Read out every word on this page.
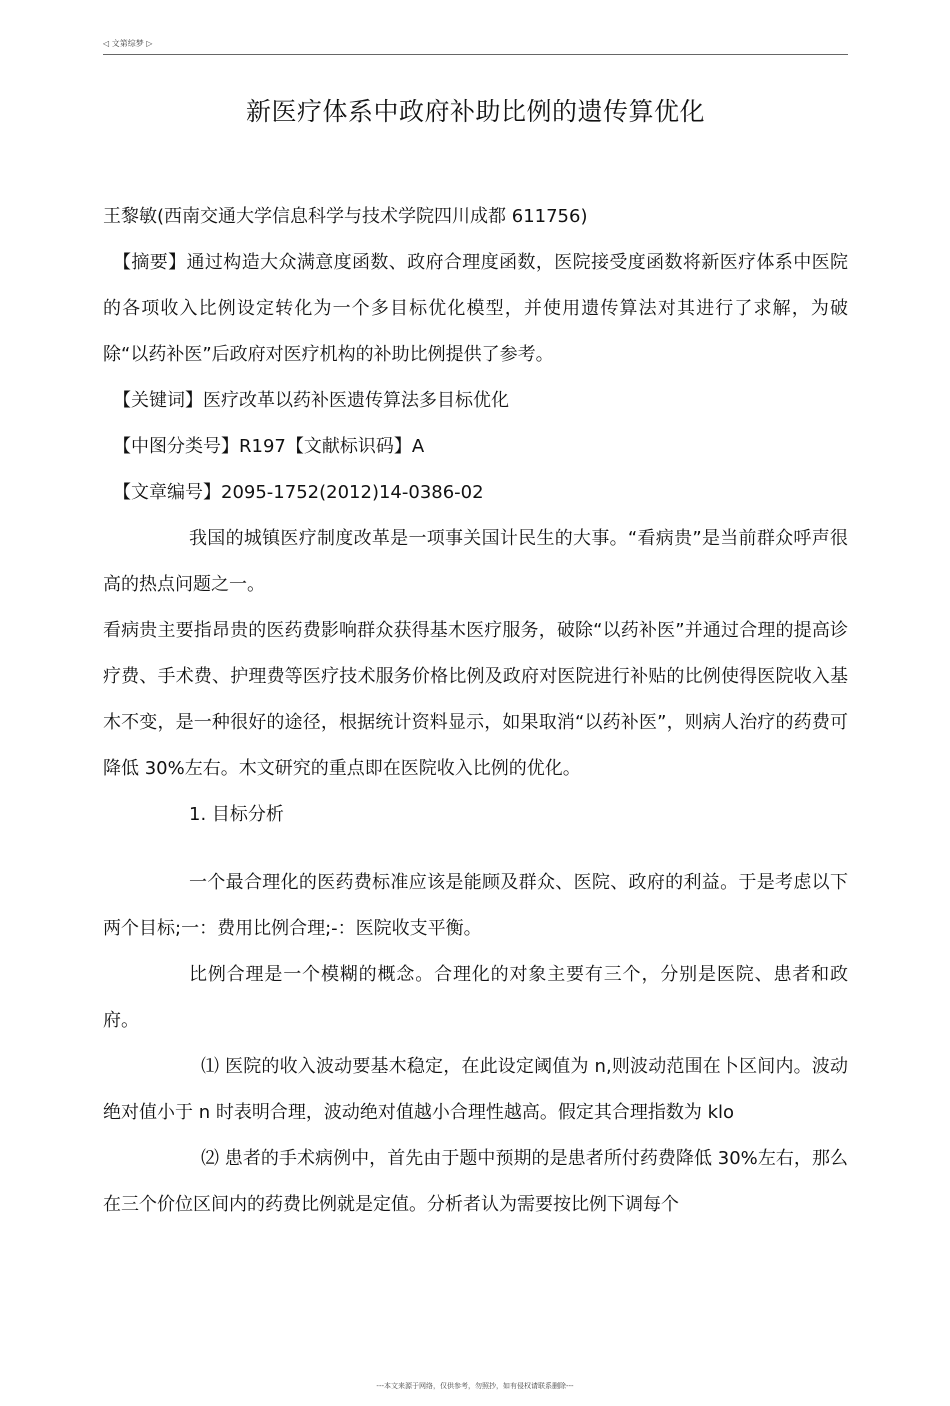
◁ 文第综梦 ▷
新医疗体系中政府补助比例的遗传算优化

王黎敏(西南交通大学信息科学与技术学院四川成都 611756)

【摘要】通过构造大众满意度函数、政府合理度函数，医院接受度函数将新医疗体系中医院的各项收入比例设定转化为一个多目标优化模型，并使用遗传算法对其进行了求解，为破除“以药补医”后政府对医疗机构的补助比例提供了参考。

【关键词】医疗改革以药补医遗传算法多目标优化

【中图分类号】R197【文献标识码】A

【文章编号】2095-1752(2012)14-0386-02

我国的城镇医疗制度改革是一项事关国计民生的大事。“看病贵”是当前群众呼声很高的热点问题之一。

看病贵主要指昂贵的医药费影响群众获得基木医疗服务，破除“以药补医”并通过合理的提高诊疗费、手术费、护理费等医疗技术服务价格比例及政府对医院进行补贴的比例使得医院收入基木不变，是一种很好的途径，根据统计资料显示，如果取消“以药补医”，则病人治疗的药费可降低 30%左右。木文研究的重点即在医院收入比例的优化。

1. 目标分析

一个最合理化的医药费标准应该是能顾及群众、医院、政府的利益。于是考虑以下两个目标;一：费用比例合理;-：医院收支平衡。

比例合理是一个模糊的概念。合理化的对象主要有三个，分别是医院、患者和政府。

⑴ 医院的收入波动要基木稳定，在此设定阈值为 n,则波动范围在卜区间内。波动绝对值小于 n 时表明合理，波动绝对值越小合理性越高。假定其合理指数为 klo

⑵ 患者的手术病例中，首先由于题中预期的是患者所付药费降低 30%左右，那么在三个价位区间内的药费比例就是定值。分析者认为需要按比例下调每个

---本文来源于网络，仅供参考，勿照抄，如有侵权请联系删除---
